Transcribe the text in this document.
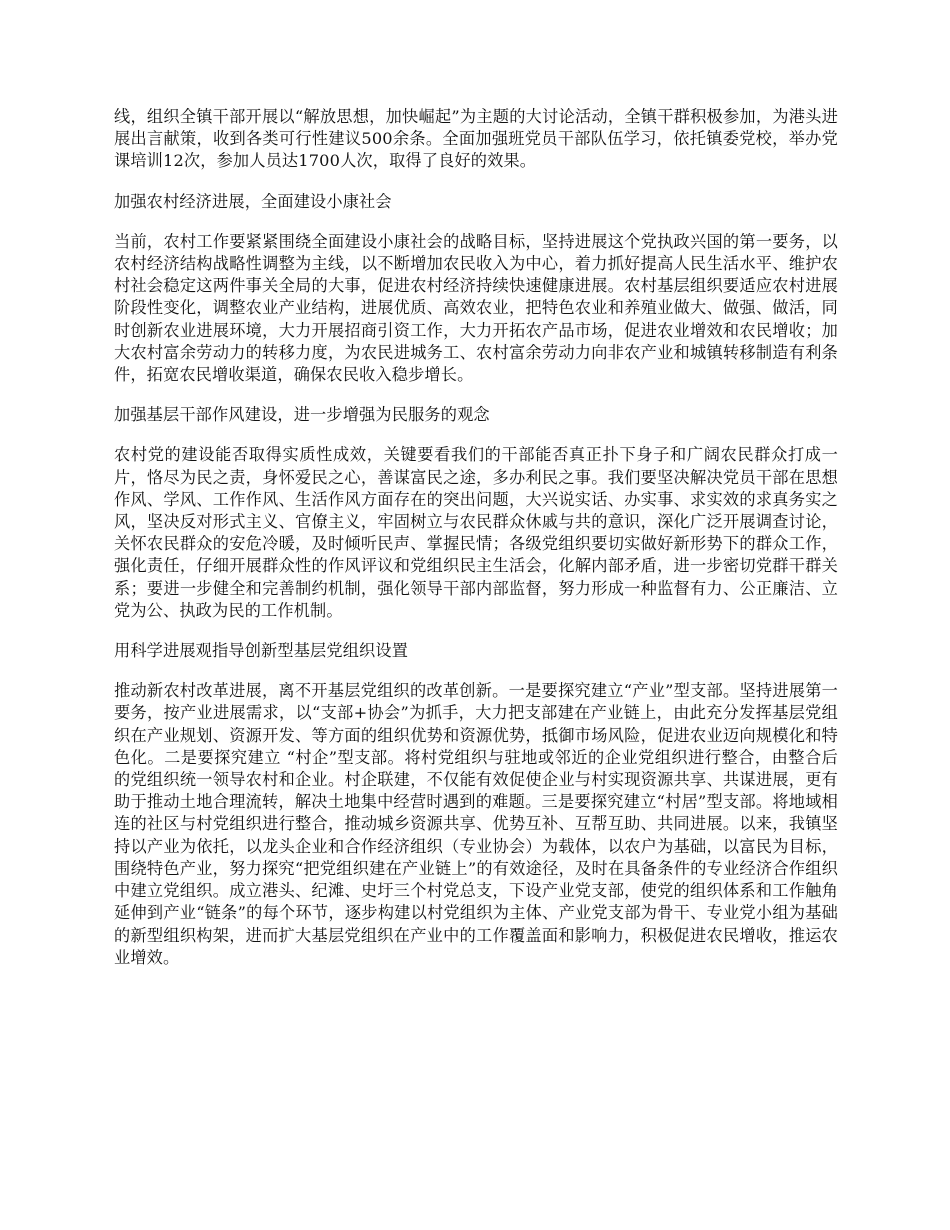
线，组织全镇干部开展以“解放思想，加快崛起”为主题的大讨论活动，全镇干群积极参加，为港头进展出言献策，收到各类可行性建议500余条。全面加强班党员干部队伍学习，依托镇委党校，举办党课培训12次，参加人员达1700人次，取得了良好的效果。

加强农村经济进展，全面建设小康社会

当前，农村工作要紧紧围绕全面建设小康社会的战略目标，坚持进展这个党执政兴国的第一要务，以农村经济结构战略性调整为主线，以不断增加农民收入为中心，着力抓好提高人民生活水平、维护农村社会稳定这两件事关全局的大事，促进农村经济持续快速健康进展。农村基层组织要适应农村进展阶段性变化，调整农业产业结构，进展优质、高效农业，把特色农业和养殖业做大、做强、做活，同时创新农业进展环境，大力开展招商引资工作，大力开拓农产品市场，促进农业增效和农民增收；加大农村富余劳动力的转移力度，为农民进城务工、农村富余劳动力向非农产业和城镇转移制造有利条件，拓宽农民增收渠道，确保农民收入稳步增长。

加强基层干部作风建设，进一步增强为民服务的观念

农村党的建设能否取得实质性成效，关键要看我们的干部能否真正扑下身子和广阔农民群众打成一片，恪尽为民之责，身怀爱民之心，善谋富民之途，多办利民之事。我们要坚决解决党员干部在思想作风、学风、工作作风、生活作风方面存在的突出问题，大兴说实话、办实事、求实效的求真务实之风，坚决反对形式主义、官僚主义，牢固树立与农民群众休戚与共的意识，深化广泛开展调查讨论，关怀农民群众的安危冷暖，及时倾听民声、掌握民情；各级党组织要切实做好新形势下的群众工作，强化责任，仔细开展群众性的作风评议和党组织民主生活会，化解内部矛盾，进一步密切党群干群关系；要进一步健全和完善制约机制，强化领导干部内部监督，努力形成一种监督有力、公正廉洁、立党为公、执政为民的工作机制。

用科学进展观指导创新型基层党组织设置

推动新农村改革进展，离不开基层党组织的改革创新。一是要探究建立“产业”型支部。坚持进展第一要务，按产业进展需求，以“支部+协会”为抓手，大力把支部建在产业链上，由此充分发挥基层党组织在产业规划、资源开发、等方面的组织优势和资源优势，抵御市场风险，促进农业迈向规模化和特色化。二是要探究建立 “村企”型支部。将村党组织与驻地或邻近的企业党组织进行整合，由整合后的党组织统一领导农村和企业。村企联建，不仅能有效促使企业与村实现资源共享、共谋进展，更有助于推动土地合理流转，解决土地集中经营时遇到的难题。三是要探究建立“村居”型支部。将地域相连的社区与村党组织进行整合，推动城乡资源共享、优势互补、互帮互助、共同进展。以来，我镇坚持以产业为依托，以龙头企业和合作经济组织（专业协会）为载体，以农户为基础，以富民为目标，围绕特色产业，努力探究“把党组织建在产业链上”的有效途径，及时在具备条件的专业经济合作组织中建立党组织。成立港头、纪滩、史圩三个村党总支，下设产业党支部，使党的组织体系和工作触角延伸到产业“链条”的每个环节，逐步构建以村党组织为主体、产业党支部为骨干、专业党小组为基础的新型组织构架，进而扩大基层党组织在产业中的工作覆盖面和影响力，积极促进农民增收，推运农业增效。
